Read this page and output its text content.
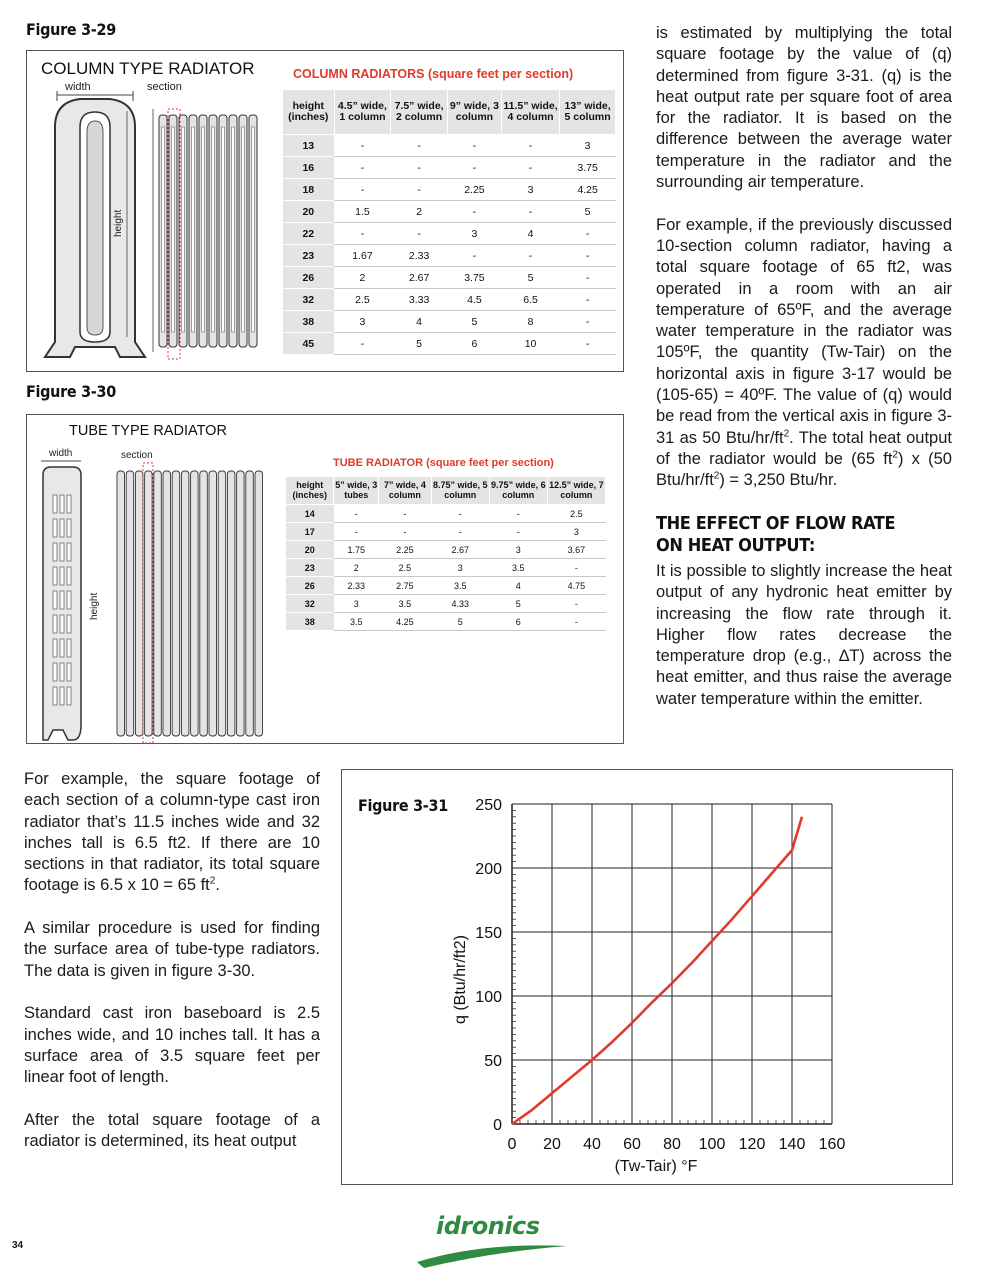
Figure 3-29
COLUMN TYPE RADIATOR
width	section
height
COLUMN RADIATORS (square feet per section)
height (inches)	4.5” wide, 1 column	7.5” wide, 2 column	9” wide, 3 column	11.5” wide, 4 column	13” wide, 5 column
13	-	-	-	-	3
16	-	-	-	-	3.75
18	-	-	2.25	3	4.25
20	1.5	2	-	-	5
22	-	-	3	4	-
23	1.67	2.33	-	-	-
26	2	2.67	3.75	5	-
32	2.5	3.33	4.5	6.5	-
38	3	4	5	8	-
45	-	5	6	10	-
Figure 3-30
TUBE TYPE RADIATOR
width	section
height
TUBE RADIATOR (square feet per section)
height (inches)	5” wide, 3 tubes	7” wide, 4 column	8.75” wide, 5 column	9.75” wide, 6 column	12.5” wide, 7 column
14	-	-	-	-	2.5
17	-	-	-	-	3
20	1.75	2.25	2.67	3	3.67
23	2	2.5	3	3.5	-
26	2.33	2.75	3.5	4	4.75
32	3	3.5	4.33	5	-
38	3.5	4.25	5	6	-

is estimated by multiplying the total square footage by the value of (q) determined from figure 3-31. (q) is the heat output rate per square foot of area for the radiator. It is based on the difference between the average water temperature in the radiator and the surrounding air temperature.

For example, if the previously discussed 10-section column radiator, having a total square footage of 65 ft2, was operated in a room with an air temperature of 65ºF, and the average water temperature in the radiator was 105ºF, the quantity (Tw-Tair) on the horizontal axis in figure 3-17 would be (105-65) = 40ºF. The value of (q) would be read from the vertical axis in figure 3-31 as 50 Btu/$hr/ft^2$. The total heat output of the radiator would be (65 $ft^2$) x (50 Btu/$hr/ft^2) = 3,250$ Btu/hr.

THE EFFECT OF FLOW RATE
ON HEAT OUTPUT:
It is possible to slightly increase the heat output of any hydronic heat emitter by increasing the flow rate through it. Higher flow rates decrease the temperature drop (e.g., ∆T) across the heat emitter, and thus raise the average water temperature within the emitter.

For example, the square footage of each section of a column-type cast iron radiator that’s 11.5 inches wide and 32 inches tall is 6.5 ft2. If there are 10 sections in that radiator, its total square footage is 6.5 x 10 = 65 $ft^2$.

A similar procedure is used for finding the surface area of tube-type radiators. The data is given in figure 3-30.

Standard cast iron baseboard is 2.5 inches wide, and 10 inches tall. It has a surface area of 3.5 square feet per linear foot of length.

After the total square footage of a radiator is determined, its heat output

Figure 3-31
0
50
100
150
200
250
0 20 40 60 80 100 120 140 160
q (Btu/hr/ft2)
(Tw-Tair) °F
34
idronics
